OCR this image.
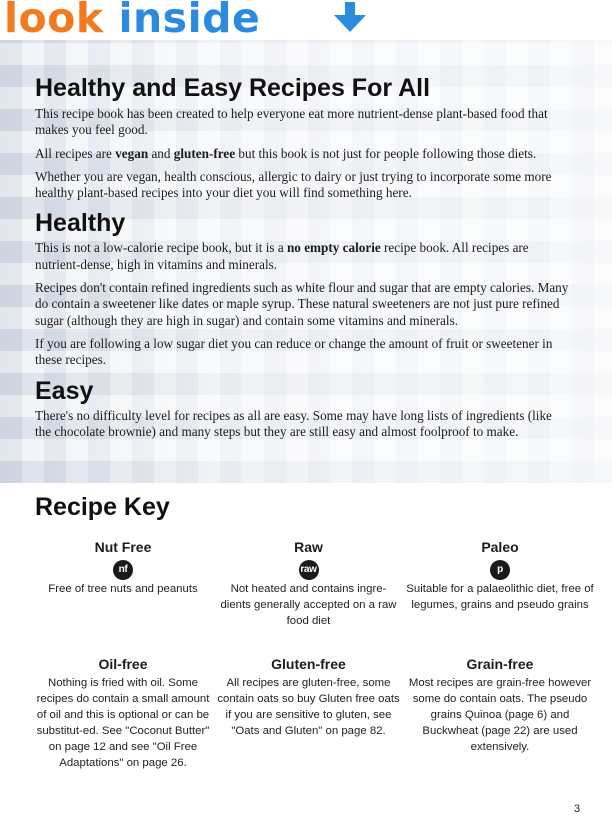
look inside
Healthy and Easy Recipes For All

This recipe book has been created to help everyone eat more nutrient-dense plant-based food that makes you feel good.

All recipes are vegan and gluten-free but this book is not just for people following those diets.

Whether you are vegan, health conscious, allergic to dairy or just trying to incorporate some more healthy plant-based recipes into your diet you will find something here.

Healthy

This is not a low-calorie recipe book, but it is a no empty calorie recipe book. All recipes are nutrient-dense, high in vitamins and minerals.

Recipes don't contain refined ingredients such as white flour and sugar that are empty calories. Many do contain a sweetener like dates or maple syrup. These natural sweeteners are not just pure refined sugar (although they are high in sugar) and contain some vitamins and minerals.

If you are following a low sugar diet you can reduce or change the amount of fruit or sweetener in these recipes.

Easy

There's no difficulty level for recipes as all are easy. Some may have long lists of ingredients (like the chocolate brownie) and many steps but they are still easy and almost foolproof to make.

Recipe Key
Nut Free
nf
Free of tree nuts and peanuts
Raw
raw
Not heated and contains ingre-dients generally accepted on a raw food diet
Paleo
p
Suitable for a palaeolithic diet, free of legumes, grains and pseudo grains
Oil-free
Nothing is fried with oil. Some recipes do contain a small amount of oil and this is optional or can be substitut-ed. See "Coconut Butter" on page 12 and see "Oil Free Adaptations" on page 26.
Gluten-free
All recipes are gluten-free, some contain oats so buy Gluten free oats if you are sensitive to gluten, see "Oats and Gluten" on page 82.
Grain-free
Most recipes are grain-free however some do contain oats. The pseudo grains Quinoa (page 6) and Buckwheat (page 22) are used extensively.
3
